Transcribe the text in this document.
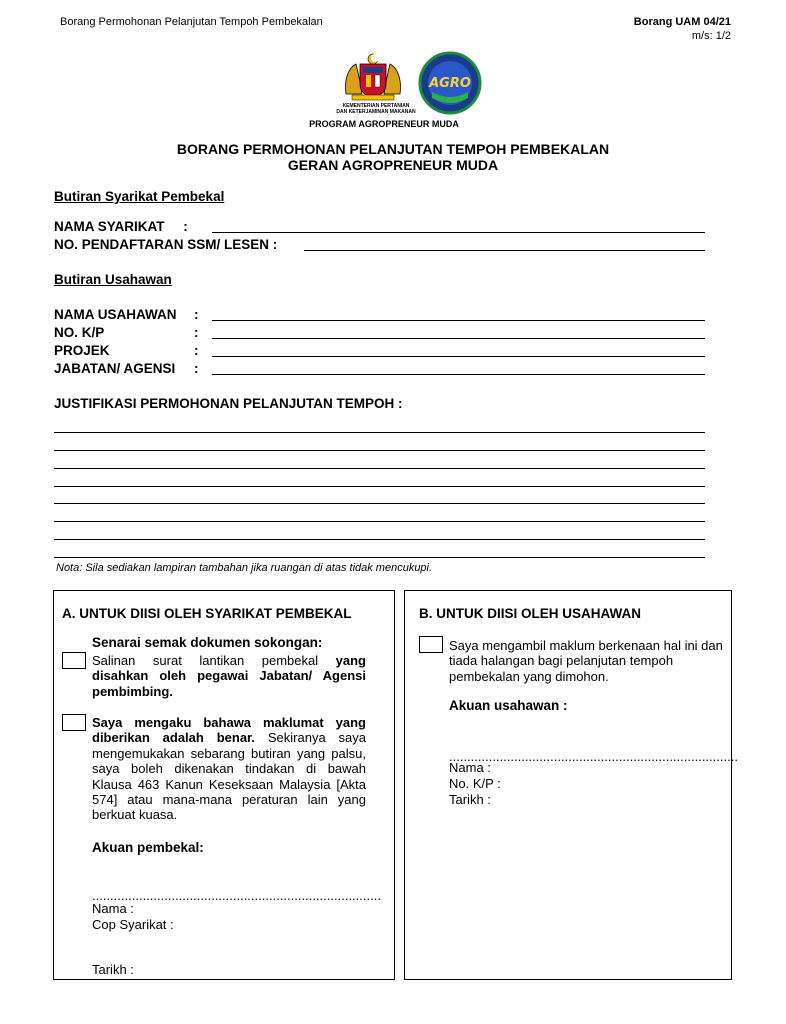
Borang Permohonan Pelanjutan Tempoh Pembekalan	Borang UAM 04/21
m/s: 1/2
AGRO
KEMENTERIAN PERTANIAN
DAN KETERJAMINAN MAKANAN
PROGRAM AGROPRENEUR MUDA
BORANG PERMOHONAN PELANJUTAN TEMPOH PEMBEKALAN
GERAN AGROPRENEUR MUDA
Butiran Syarikat Pembekal
NAMA SYARIKAT     :
NO. PENDAFTARAN SSM/ LESEN :
Butiran Usahawan
NAMA USAHAWAN :
NO. K/P	:
PROJEK	:
JABATAN/ AGENSI :
JUSTIFIKASI PERMOHONAN PELANJUTAN TEMPOH :
Nota: Sila sediakan lampiran tambahan jika ruangan di atas tidak mencukupi.
A. UNTUK DIISI OLEH SYARIKAT PEMBEKAL
Senarai semak dokumen sokongan:
Salinan surat lantikan pembekal yang disahkan oleh pegawai Jabatan/ Agensi pembimbing.
Saya mengaku bahawa maklumat yang diberikan adalah benar. Sekiranya saya mengemukakan sebarang butiran yang palsu, saya boleh dikenakan tindakan di bawah Klausa 463 Kanun Keseksaan Malaysia [Akta 574] atau mana-mana peraturan lain yang berkuat kuasa.
Akuan pembekal:
................................................................................
Nama :
Cop Syarikat :
Tarikh :
B. UNTUK DIISI OLEH USAHAWAN
Saya mengambil maklum berkenaan hal ini dan tiada halangan bagi pelanjutan tempoh pembekalan yang dimohon.
Akuan usahawan :
................................................................................
Nama :
No. K/P :
Tarikh :
